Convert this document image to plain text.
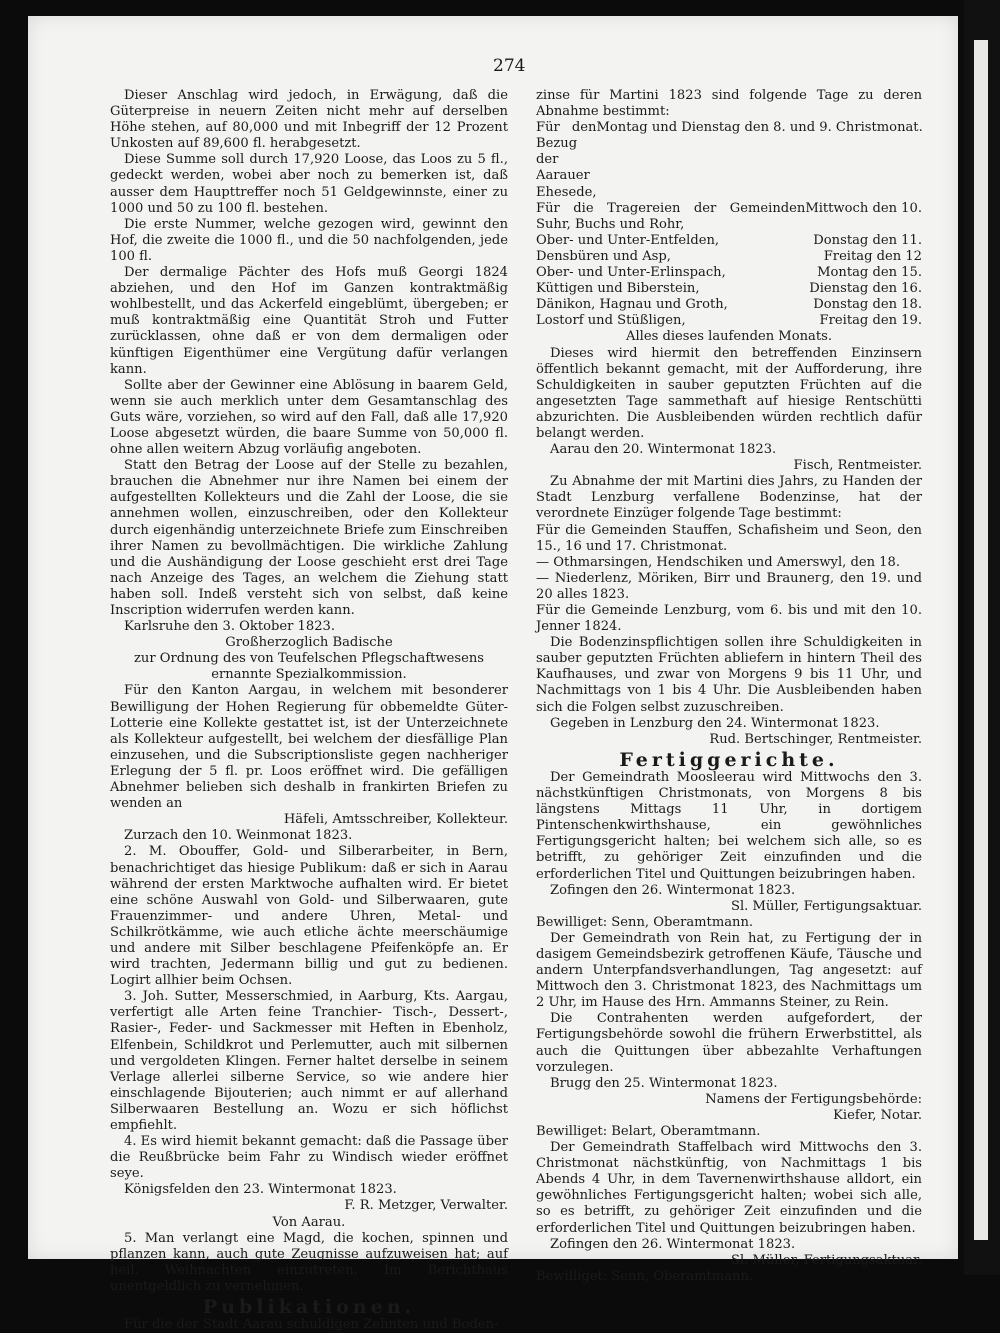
274

Dieser Anschlag wird jedoch, in Erwägung, daß die Güterpreise in neuern Zeiten nicht mehr auf derselben Höhe stehen, auf 80,000 und mit Inbegriff der 12 Prozent Unkosten auf 89,600 fl. herabgesetzt.

Diese Summe soll durch 17,920 Loose, das Loos zu 5 fl., gedeckt werden, wobei aber noch zu bemerken ist, daß ausser dem Haupttreffer noch 51 Geldgewinnste, einer zu 1000 und 50 zu 100 fl. bestehen.

Die erste Nummer, welche gezogen wird, gewinnt den Hof, die zweite die 1000 fl., und die 50 nachfolgenden, jede 100 fl.

Der dermalige Pächter des Hofs muß Georgi 1824 abziehen, und den Hof im Ganzen kontraktmäßig wohlbestellt, und das Ackerfeld eingeblümt, übergeben; er muß kontraktmäßig eine Quantität Stroh und Futter zurücklassen, ohne daß er von dem dermaligen oder künftigen Eigenthümer eine Vergütung dafür verlangen kann.

Sollte aber der Gewinner eine Ablösung in baarem Geld, wenn sie auch merklich unter dem Gesamtanschlag des Guts wäre, vorziehen, so wird auf den Fall, daß alle 17,920 Loose abgesetzt würden, die baare Summe von 50,000 fl. ohne allen weitern Abzug vorläufig angeboten.

Statt den Betrag der Loose auf der Stelle zu bezahlen, brauchen die Abnehmer nur ihre Namen bei einem der aufgestellten Kollekteurs und die Zahl der Loose, die sie annehmen wollen, einzuschreiben, oder den Kollekteur durch eigenhändig unterzeichnete Briefe zum Einschreiben ihrer Namen zu bevollmächtigen. Die wirkliche Zahlung und die Aushändigung der Loose geschieht erst drei Tage nach Anzeige des Tages, an welchem die Ziehung statt haben soll. Indeß versteht sich von selbst, daß keine Inscription widerrufen werden kann.

Karlsruhe den 3. Oktober 1823.

Großherzoglich Badische

zur Ordnung des von Teufelschen Pflegschaftwesens ernannte Spezialkommission.

Für den Kanton Aargau, in welchem mit besonderer Bewilligung der Hohen Regierung für obbemeldte Güter-Lotterie eine Kollekte gestattet ist, ist der Unterzeichnete als Kollekteur aufgestellt, bei welchem der diesfällige Plan einzusehen, und die Subscriptionsliste gegen nachheriger Erlegung der 5 fl. pr. Loos eröffnet wird. Die gefälligen Abnehmer belieben sich deshalb in frankirten Briefen zu wenden an

Häfeli, Amtsschreiber, Kollekteur.

Zurzach den 10. Weinmonat 1823.

2. M. Obouffer, Gold- und Silberarbeiter, in Bern, benachrichtiget das hiesige Publikum: daß er sich in Aarau während der ersten Marktwoche aufhalten wird. Er bietet eine schöne Auswahl von Gold- und Silberwaaren, gute Frauenzimmer- und andere Uhren, Metal- und Schilkrötkämme, wie auch etliche ächte meerschäumige und andere mit Silber beschlagene Pfeifenköpfe an. Er wird trachten, Jedermann billig und gut zu bedienen. Logirt allhier beim Ochsen.

3. Joh. Sutter, Messerschmied, in Aarburg, Kts. Aargau, verfertigt alle Arten feine Tranchier- Tisch-, Dessert-, Rasier-, Feder- und Sackmesser mit Heften in Ebenholz, Elfenbein, Schildkrot und Perlemutter, auch mit silbernen und vergoldeten Klingen. Ferner haltet derselbe in seinem Verlage allerlei silberne Service, so wie andere hier einschlagende Bijouterien; auch nimmt er auf allerhand Silberwaaren Bestellung an. Wozu er sich höflichst empfiehlt.

4. Es wird hiemit bekannt gemacht: daß die Passage über die Reußbrücke beim Fahr zu Windisch wieder eröffnet seye.

Königsfelden den 23. Wintermonat 1823.

F. R. Metzger, Verwalter.

Von Aarau.

5. Man verlangt eine Magd, die kochen, spinnen und pflanzen kann, auch gute Zeugnisse aufzuweisen hat; auf heil. Weihnachten einzutreten. Im Berichthaus unentgeldlich zu vernehmen.

Publikationen.

Für die der Stadt Aarau schuldigen Zehnten und Boden-

zinse für Martini 1823 sind folgende Tage zu deren Abnahme bestimmt:

Für den Bezug der Aarauer Ehesede,
Montag und Dienstag den 8. und 9. Christmonat.

Für die Tragereien der Gemeinden Suhr, Buchs und Rohr,
Mittwoch den 10.

Ober- und Unter-Entfelden,	Donstag den 11.

Densbüren und Asp,	Freitag den 12

Ober- und Unter-Erlinspach,	Montag den 15.

Küttigen und Biberstein,	Dienstag den 16.

Dänikon, Hagnau und Groth,	Donstag den 18.

Lostorf und Stüßligen,	Freitag den 19.

Alles dieses laufenden Monats.

Dieses wird hiermit den betreffenden Einzinsern öffentlich bekannt gemacht, mit der Aufforderung, ihre Schuldigkeiten in sauber geputzten Früchten auf die angesetzten Tage sammethaft auf hiesige Rentschütti abzurichten. Die Ausbleibenden würden rechtlich dafür belangt werden.

Aarau den 20. Wintermonat 1823.

Fisch, Rentmeister.

Zu Abnahme der mit Martini dies Jahrs, zu Handen der Stadt Lenzburg verfallene Bodenzinse, hat der verordnete Einzüger folgende Tage bestimmt:

Für die Gemeinden Stauffen, Schafisheim und Seon, den 15., 16 und 17. Christmonat.

— Othmarsingen, Hendschiken und Amerswyl, den 18.

— Niederlenz, Möriken, Birr und Brauneгg, den 19. und 20 alles 1823.

Für die Gemeinde Lenzburg, vom 6. bis und mit den 10. Jenner 1824.

Die Bodenzinspflichtigen sollen ihre Schuldigkeiten in sauber geputzten Früchten abliefern in hintern Theil des Kaufhauses, und zwar von Morgens 9 bis 11 Uhr, und Nachmittags von 1 bis 4 Uhr. Die Ausbleibenden haben sich die Folgen selbst zuzuschreiben.

Gegeben in Lenzburg den 24. Wintermonat 1823.

Rud. Bertschinger, Rentmeister.

Fertiggerichte.

Der Gemeindrath Moosleerau wird Mittwochs den 3. nächstkünftigen Christmonats, von Morgens 8 bis längstens Mittags 11 Uhr, in dortigem Pintenschenkwirthshause, ein gewöhnliches Fertigungsgericht halten; bei welchem sich alle, so es betrifft, zu gehöriger Zeit einzufinden und die erforderlichen Titel und Quittungen beizubringen haben.

Zofingen den 26. Wintermonat 1823.

Sl. Müller, Fertigungsaktuar.

Bewilliget: Senn, Oberamtmann.

Der Gemeindrath von Rein hat, zu Fertigung der in dasigem Gemeindsbezirk getroffenen Käufe, Täusche und andern Unterpfandsverhandlungen, Tag angesetzt: auf Mittwoch den 3. Christmonat 1823, des Nachmittags um 2 Uhr, im Hause des Hrn. Ammanns Steiner, zu Rein.

Die Contrahenten werden aufgefordert, der Fertigungsbehörde sowohl die frühern Erwerbstittel, als auch die Quittungen über abbezahlte Verhaftungen vorzulegen.

Brugg den 25. Wintermonat 1823.

Namens der Fertigungsbehörde:

Kiefer, Notar.

Bewilliget: Belart, Oberamtmann.

Der Gemeindrath Staffelbach wird Mittwochs den 3. Christmonat nächstkünftig, von Nachmittags 1 bis Abends 4 Uhr, in dem Tavernenwirthshause alldort, ein gewöhnliches Fertigungsgericht halten; wobei sich alle, so es betrifft, zu gehöriger Zeit einzufinden und die erforderlichen Titel und Quittungen beizubringen haben.

Zofingen den 26. Wintermonat 1823.

Sl. Müller, Fertigungsaktuar.

Bewilliget: Senn, Oberamtmann.
